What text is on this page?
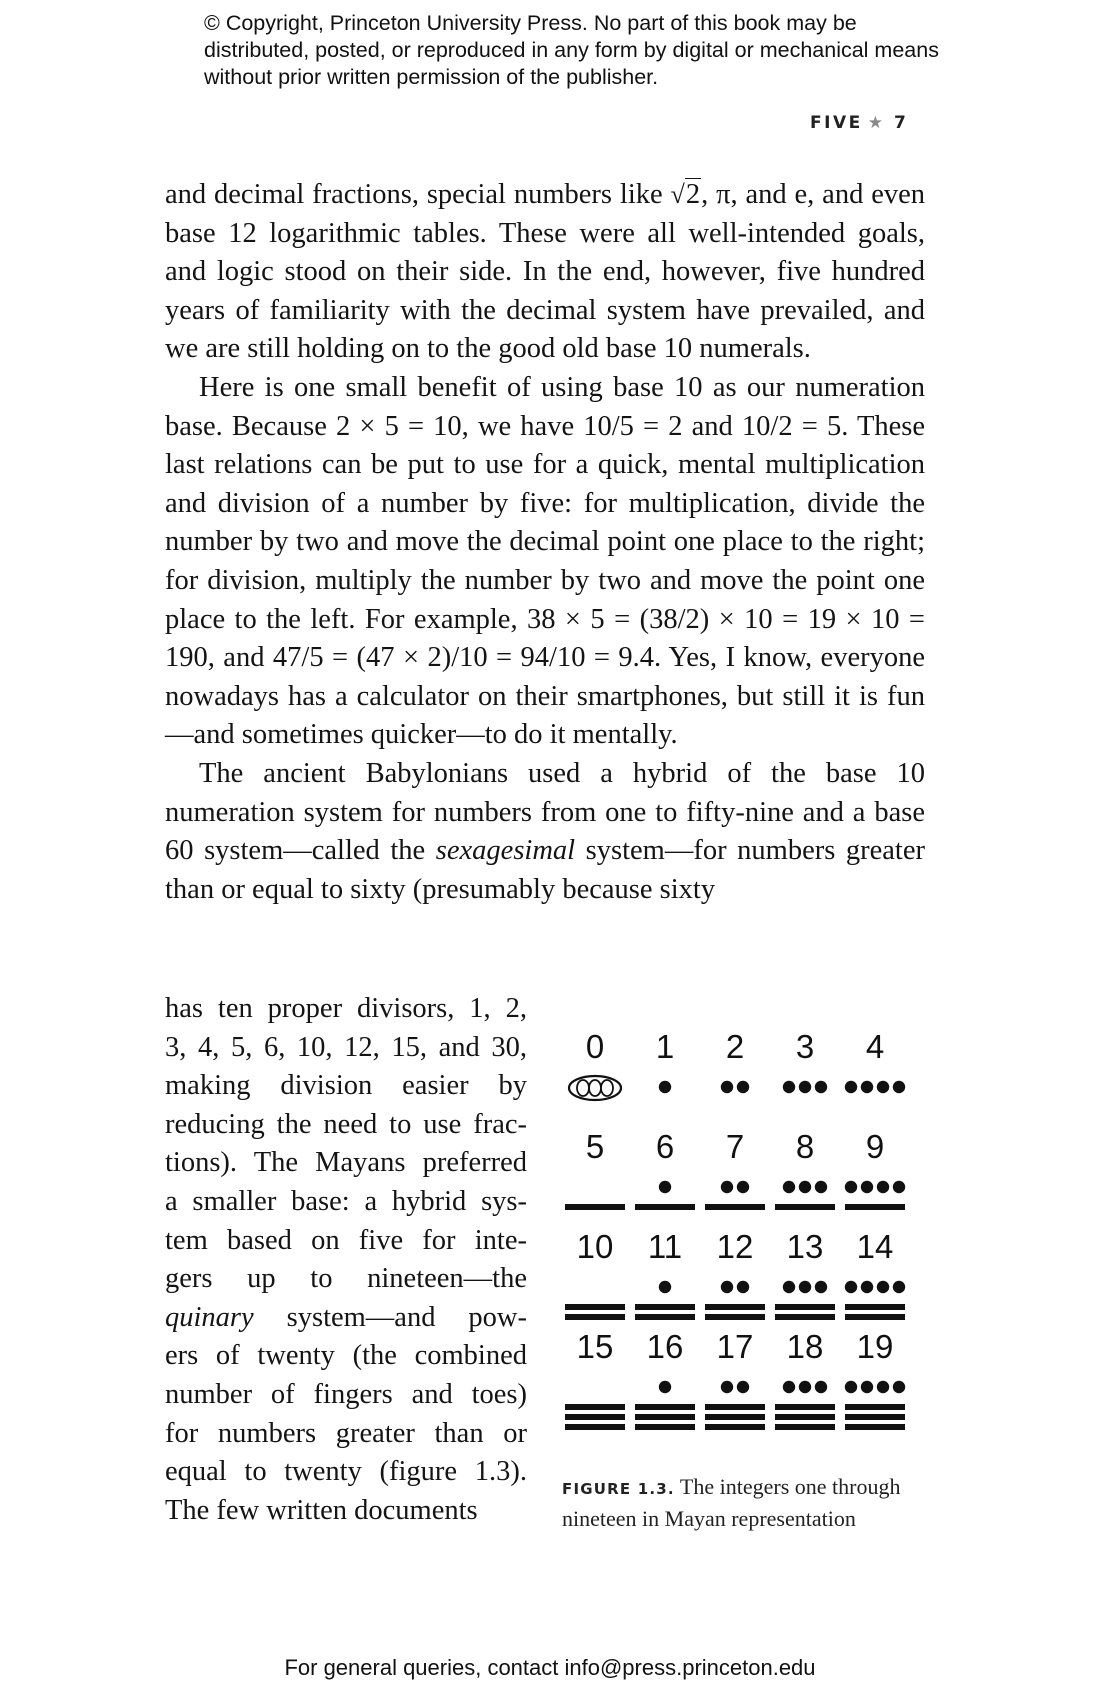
© Copyright, Princeton University Press. No part of this book may be distributed, posted, or reproduced in any form by digital or mechanical means without prior written permission of the publisher.
FIVE ★ 7

and decimal fractions, special numbers like √2, π, and e, and even base 12 logarithmic tables. These were all well-intended goals, and logic stood on their side. In the end, however, five hundred years of familiarity with the decimal system have prevailed, and we are still holding on to the good old base 10 numerals.

Here is one small benefit of using base 10 as our numeration base. Because 2 × 5 = 10, we have 10/5 = 2 and 10/2 = 5. These last relations can be put to use for a quick, mental multiplication and division of a number by five: for multiplication, divide the number by two and move the decimal point one place to the right; for division, multiply the number by two and move the point one place to the left. For example, 38 × 5 = (38/2) × 10 = 19 × 10 = 190, and 47/5 = (47 × 2)/10 = 94/10 = 9.4. Yes, I know, everyone nowadays has a calculator on their smartphones, but still it is fun—and sometimes quicker—to do it mentally.

The ancient Babylonians used a hybrid of the base 10 numeration system for numbers from one to fifty-nine and a base 60 system—called the sexagesimal system—for numbers greater than or equal to sixty (presumably because sixty

has ten proper divisors, 1, 2,
3, 4, 5, 6, 10, 12, 15, and 30,
making division easier by
reducing the need to use frac-
tions). The Mayans preferred
a smaller base: a hybrid sys-
tem based on five for inte-
gers up to nineteen—the
quinary system—and pow-
ers of twenty (the combined
number of fingers and toes)
for numbers greater than or
equal to twenty (figure 1.3).
The few written documents
0 1 2 3 4
5 6 7 8 9
10 11 12 13 14
15 16 17 18 19
FIGURE 1.3. The integers one through nineteen in Mayan representation
For general queries, contact info@press.princeton.edu
